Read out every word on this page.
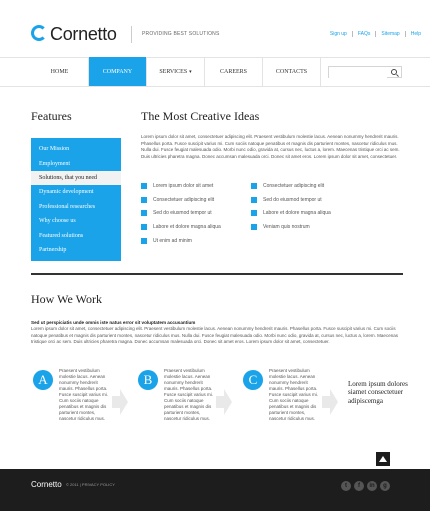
Cornetto	PROVIDING BEST SOLUTIONS	Sign up	FAQs	Sitemap	Help
HOME	COMPANY	SERVICES ▾	CAREERS	CONTACTS
Features	The Most Creative Ideas
Our Mission
Employment
Solutions, that you need
Dynamic development
Professional researches
Why choose us
Featured solutions
Partnership
Lorem ipsum dolor sit amet, consectetuer adipiscing elit. Praesent vestibulum molestie lacus. Aenean nonummy hendrerit mauris. Phasellus porta. Fusce suscipit varius mi. Cum sociis natoque penatibus et magnis dis parturient montes, nascetur ridiculus mus. Nulla dui. Fusce feugiat malesuada odio. Morbi nunc odio, gravida at, cursus nec, luctus a, lorem. Maecenas tristique orci ac sem. Duis ultricies pharetra magna. Donec accumsan malesuada orci. Donec sit amet eros. Lorem ipsum dolor sit amet, consectetuer.
Lorem ipsum dolor sit amet
Consectetuer adipiscing elit
Sed do eiusmod tempor ut
Labore et dolore magna aliqua
Ut enim ad minim
Consectetuer adipiscing elit
Sed do eiusmod tempor ut
Labore et dolore magna aliqua
Veniam quis nostrum
How We Work
Sed ut perspiciatis unde omnis iste natus error sit voluptatem accusantium
Lorem ipsum dolor sit amet, consectetuer adipiscing elit. Praesent vestibulum molestie lacus. Aenean nonummy hendrerit mauris. Phasellus porta. Fusce suscipit varius mi. Cum sociis natoque penatibus et magnis dis parturient montes, nascetur ridiculus mus. Nulla dui. Fusce feugiat malesuada odio. Morbi nunc odio, gravida at, cursus nec, luctus a, lorem. Maecenas tristique orci ac sem. Duis ultricies pharetra magna. Donec accumsan malesuada orci. Donec sit amet eros. Lorem ipsum dolor sit amet, consectetuer.
A
Praesent vestibulum molestie lacus. Aenean nonummy hendrerit mauris. Phasellus porta. Fusce suscipit varius mi. Cum sociis natoque penatibus et magnis dis parturient montes, nascetur ridiculus mus.
B
Praesent vestibulum molestie lacus. Aenean nonummy hendrerit mauris. Phasellus porta. Fusce suscipit varius mi. Cum sociis natoque penatibus et magnis dis parturient montes, nascetur ridiculus mus.
C
Praesent vestibulum molestie lacus. Aenean nonummy hendrerit mauris. Phasellus porta. Fusce suscipit varius mi. Cum sociis natoque penatibus et magnis dis parturient montes, nascetur ridiculus mus.
Lorem ipsum dolores siamet consectetuer adipiscemga
Cornetto © 2011 | PRIVACY POLICY	t	f	in	g
